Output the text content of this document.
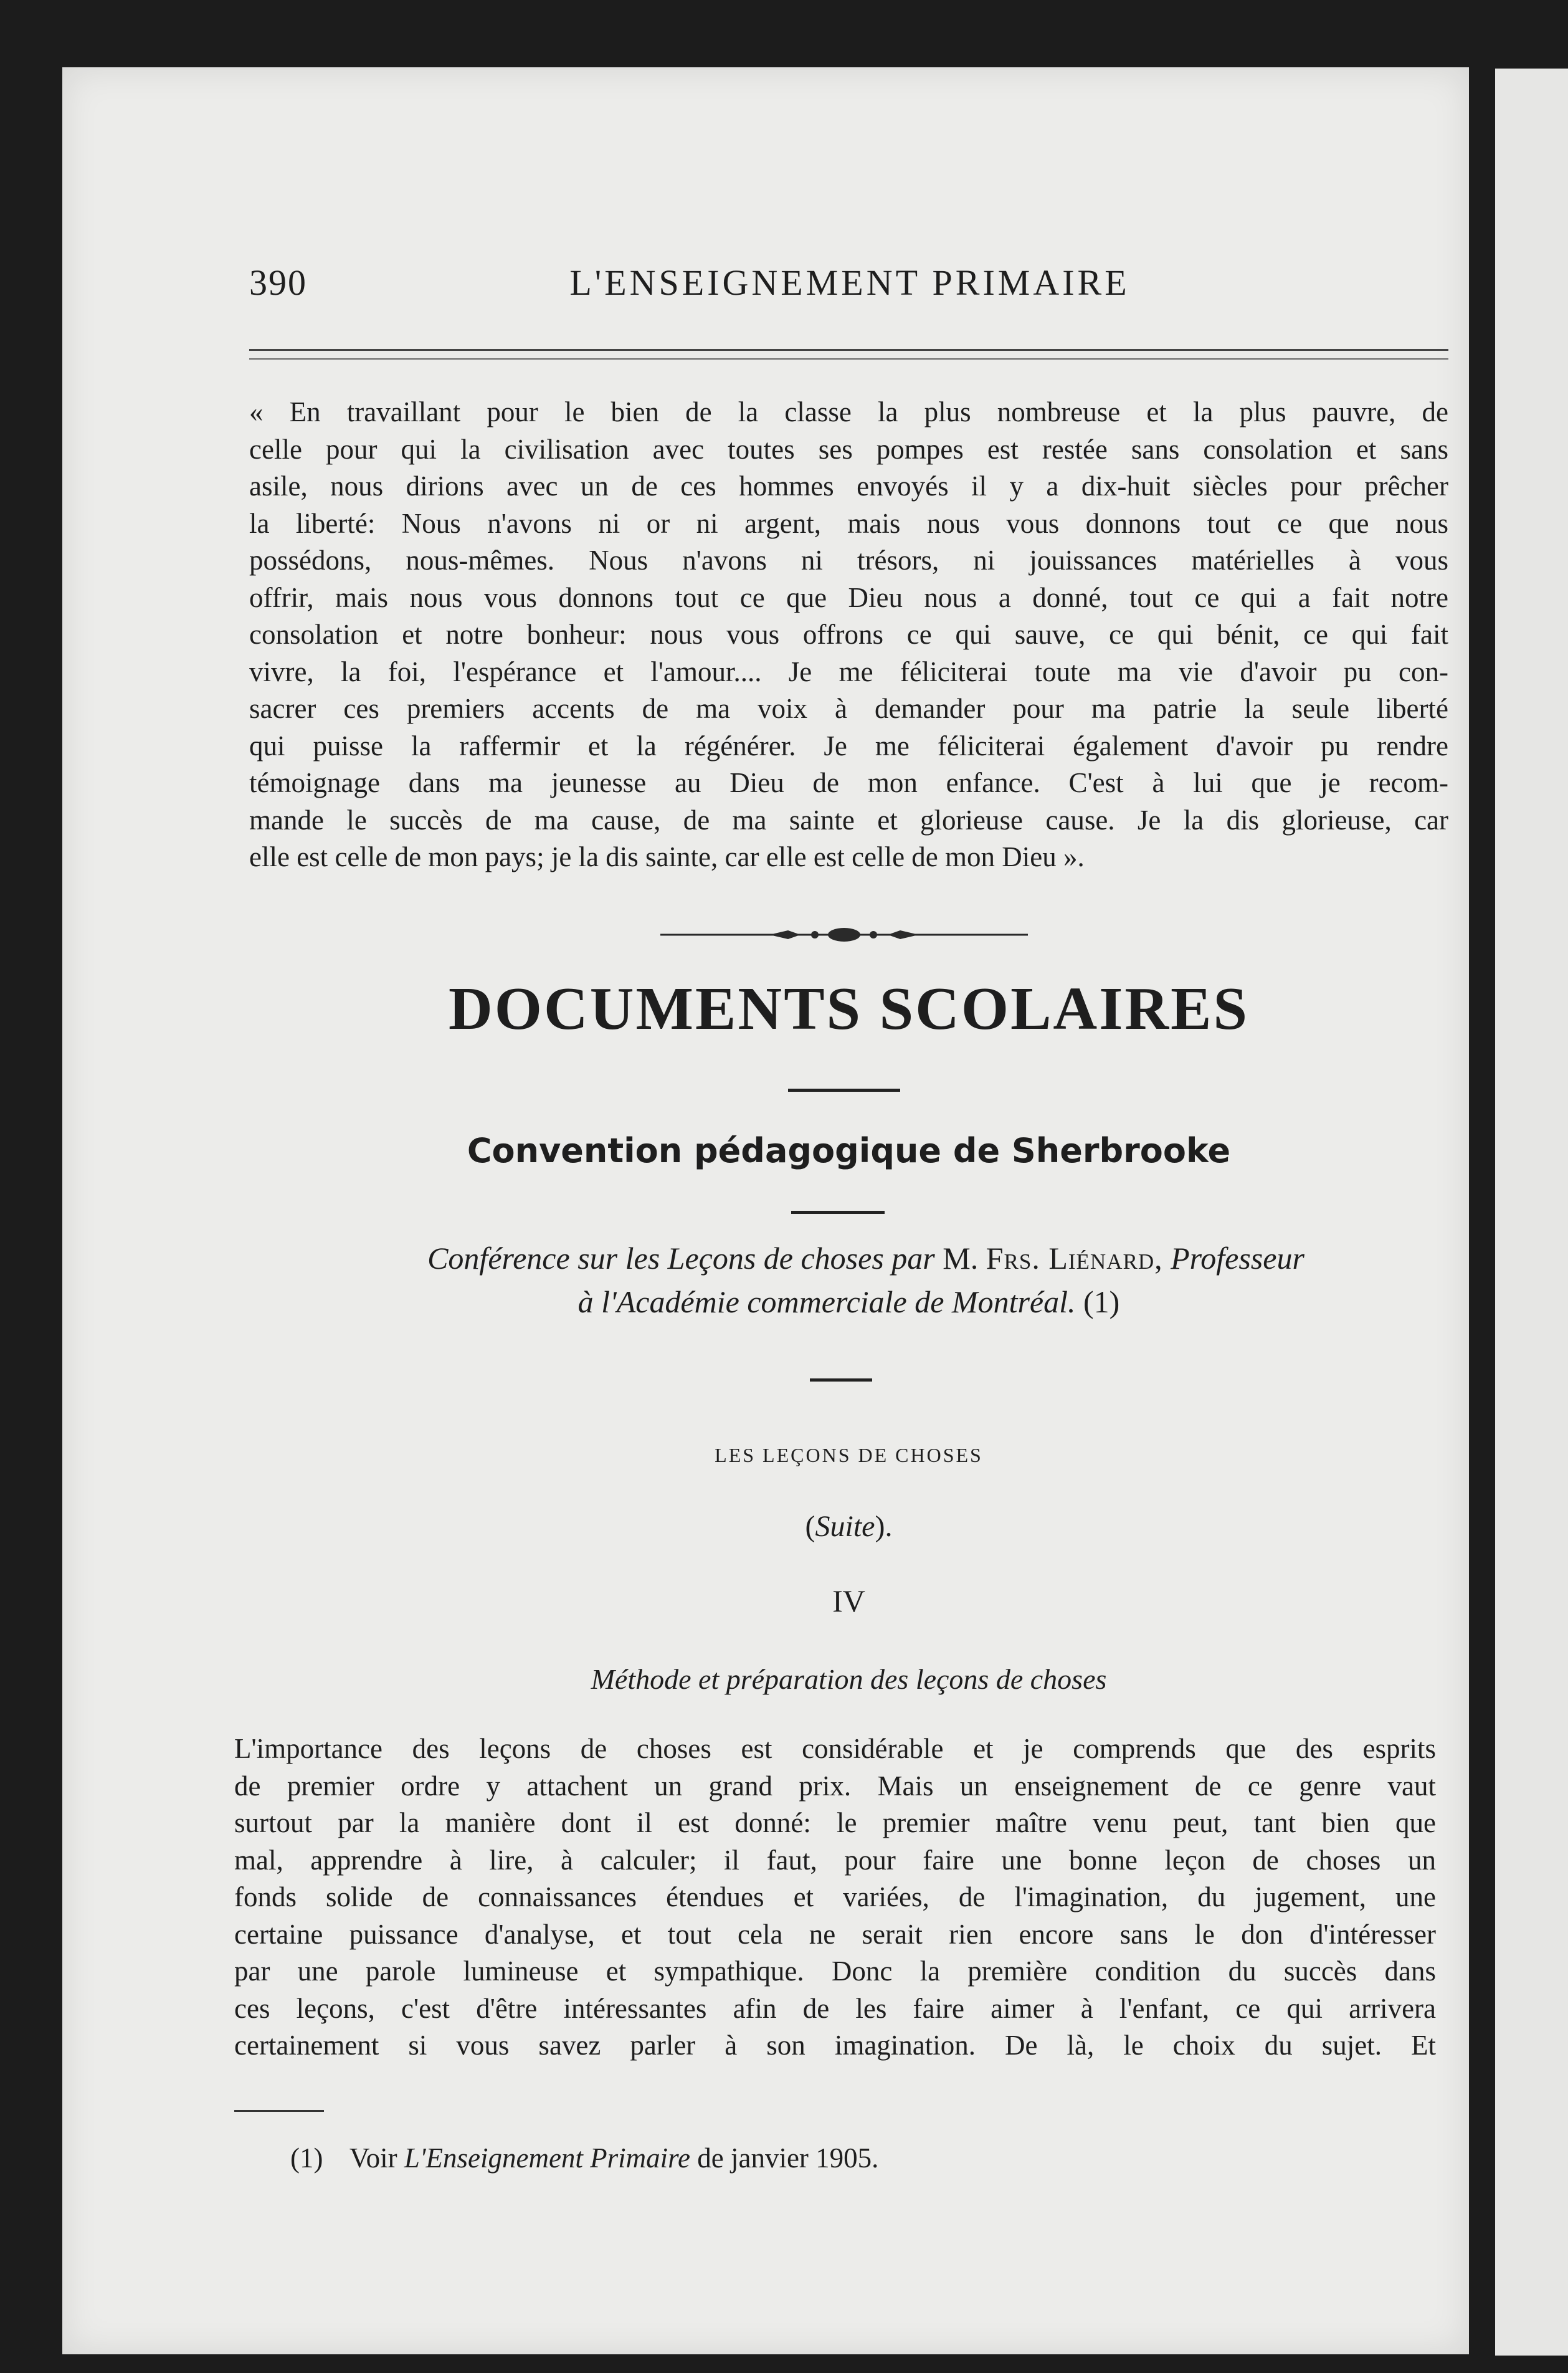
390	L'ENSEIGNEMENT PRIMAIRE
« En travaillant pour le bien de la classe la plus nombreuse et la plus pauvre, de
celle pour qui la civilisation avec toutes ses pompes est restée sans consolation et sans
asile, nous dirions avec un de ces hommes envoyés il y a dix-huit siècles pour prêcher
la liberté: Nous n'avons ni or ni argent, mais nous vous donnons tout ce que nous
possédons, nous-mêmes. Nous n'avons ni trésors, ni jouissances matérielles à vous
offrir, mais nous vous donnons tout ce que Dieu nous a donné, tout ce qui a fait notre
consolation et notre bonheur: nous vous offrons ce qui sauve, ce qui bénit, ce qui fait
vivre, la foi, l'espérance et l'amour.... Je me féliciterai toute ma vie d'avoir pu con-
sacrer ces premiers accents de ma voix à demander pour ma patrie la seule liberté
qui puisse la raffermir et la régénérer. Je me féliciterai également d'avoir pu rendre
témoignage dans ma jeunesse au Dieu de mon enfance. C'est à lui que je recom-
mande le succès de ma cause, de ma sainte et glorieuse cause. Je la dis glorieuse, car
elle est celle de mon pays; je la dis sainte, car elle est celle de mon Dieu ».
DOCUMENTS SCOLAIRES
Convention pédagogique de Sherbrooke
Conférence sur les Leçons de choses par M. Frs. Liénard, Professeur
à l'Académie commerciale de Montréal. (1)
LES LEÇONS DE CHOSES
(Suite).
IV
Méthode et préparation des leçons de choses
L'importance des leçons de choses est considérable et je comprends que des esprits
de premier ordre y attachent un grand prix. Mais un enseignement de ce genre vaut
surtout par la manière dont il est donné: le premier maître venu peut, tant bien que
mal, apprendre à lire, à calculer; il faut, pour faire une bonne leçon de choses un
fonds solide de connaissances étendues et variées, de l'imagination, du jugement, une
certaine puissance d'analyse, et tout cela ne serait rien encore sans le don d'intéresser
par une parole lumineuse et sympathique. Donc la première condition du succès dans
ces leçons, c'est d'être intéressantes afin de les faire aimer à l'enfant, ce qui arrivera
certainement si vous savez parler à son imagination. De là, le choix du sujet. Et
(1) Voir L'Enseignement Primaire de janvier 1905.
